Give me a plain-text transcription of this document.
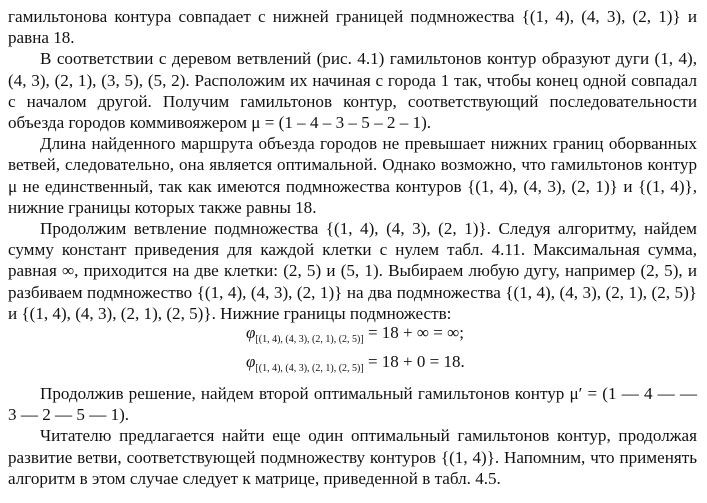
гамильтонова контура совпадает с нижней границей подмножества {(1, 4), (4, 3), (2, 1)} и равна 18.

В соответствии с деревом ветвлений (рис. 4.1) гамильтонов контур образуют дуги (1, 4), (4, 3), (2, 1), (3, 5), (5, 2). Расположим их начиная с города 1 так, чтобы конец одной совпадал с началом другой. Получим гамильтонов контур, соответствующий последовательности объезда городов коммивояжером μ = (1 – 4 – 3 – 5 – 2 – 1).

Длина найденного маршрута объезда городов не превышает нижних границ оборванных ветвей, следовательно, она является оптимальной. Однако возможно, что гамильтонов контур μ не единственный, так как имеются подмножества контуров {(1, 4), (4, 3), (2, 1)} и {(1, 4)}, нижние границы которых также равны 18.

Продолжим ветвление подмножества {(1, 4), (4, 3), (2, 1)}. Следуя алгоритму, найдем сумму констант приведения для каждой клетки с нулем табл. 4.11. Максимальная сумма, равная ∞, приходится на две клетки: (2, 5) и (5, 1). Выбираем любую дугу, например (2, 5), и разбиваем подмножество {(1, 4), (4, 3), (2, 1)} на два подмножества {(1, 4), (4, 3), (2, 1), (2, 5)} и {(1, 4), (4, 3), (2, 1), (2, 5)}. Нижние границы подмножеств:

$\varphi_{[(1, 4), (4, 3), (2, 1), (2, 5)]} = 18$ + ∞ = ∞;
$\varphi_{[(1, 4), (4, 3), (2, 1), (2, 5)]} = 18 + 0 = 18$.

Продолжив решение, найдем второй оптимальный гамильтонов контур μ′ = (1 — 4 — — 3 — 2 — 5 — 1).

Читателю предлагается найти еще один оптимальный гамильтонов контур, продолжая развитие ветви, соответствующей подмножеству контуров {(1, 4)}. Напомним, что применять алгоритм в этом случае следует к матрице, приведенной в табл. 4.5.
